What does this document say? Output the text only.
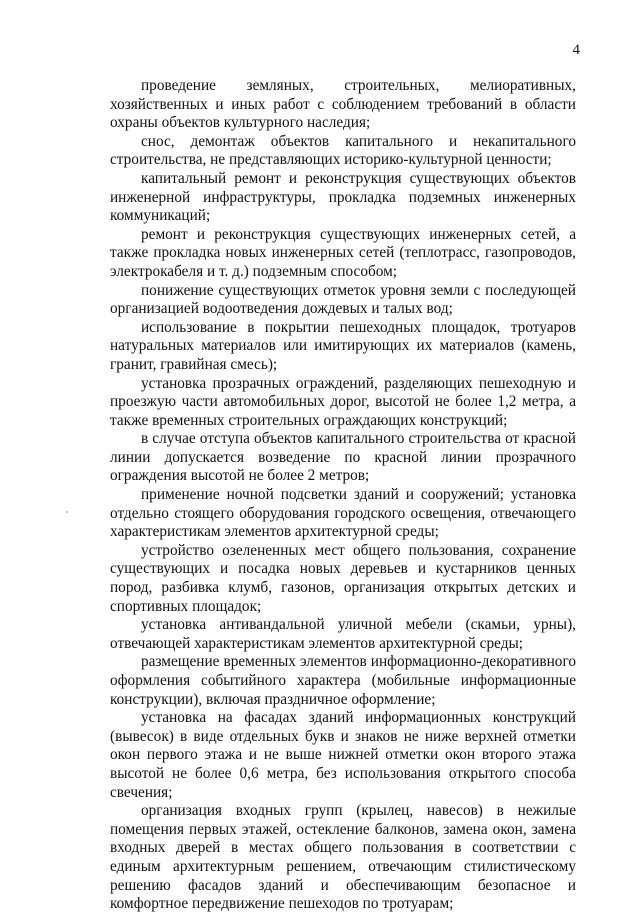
4

проведение земляных, строительных, мелиоративных, хозяйственных и иных работ с соблюдением требований в области охраны объектов культурного наследия;

снос, демонтаж объектов капитального и некапитального строительства, не представляющих историко-культурной ценности;

капитальный ремонт и реконструкция существующих объектов инженерной инфраструктуры, прокладка подземных инженерных коммуникаций;

ремонт и реконструкция существующих инженерных сетей, а также прокладка новых инженерных сетей (теплотрасс, газопроводов, электрокабеля и т. д.) подземным способом;

понижение существующих отметок уровня земли с последующей организацией водоотведения дождевых и талых вод;

использование в покрытии пешеходных площадок, тротуаров натуральных материалов или имитирующих их материалов (камень, гранит, гравийная смесь);

установка прозрачных ограждений, разделяющих пешеходную и проезжую части автомобильных дорог, высотой не более 1,2 метра, а также временных строительных ограждающих конструкций;

в случае отступа объектов капитального строительства от красной линии допускается возведение по красной линии прозрачного ограждения высотой не более 2 метров;

применение ночной подсветки зданий и сооружений; установка отдельно стоящего оборудования городского освещения, отвечающего характеристикам элементов архитектурной среды;

устройство озелененных мест общего пользования, сохранение существующих и посадка новых деревьев и кустарников ценных пород, разбивка клумб, газонов, организация открытых детских и спортивных площадок;

установка антивандальной уличной мебели (скамьи, урны), отвечающей характеристикам элементов архитектурной среды;

размещение временных элементов информационно-декоративного оформления событийного характера (мобильные информационные конструкции), включая праздничное оформление;

установка на фасадах зданий информационных конструкций (вывесок) в виде отдельных букв и знаков не ниже верхней отметки окон первого этажа и не выше нижней отметки окон второго этажа высотой не более 0,6 метра, без использования открытого способа свечения;

организация входных групп (крылец, навесов) в нежилые помещения первых этажей, остекление балконов, замена окон, замена входных дверей в местах общего пользования в соответствии с единым архитектурным решением, отвечающим стилистическому решению фасадов зданий и обеспечивающим безопасное и комфортное передвижение пешеходов по тротуарам;
